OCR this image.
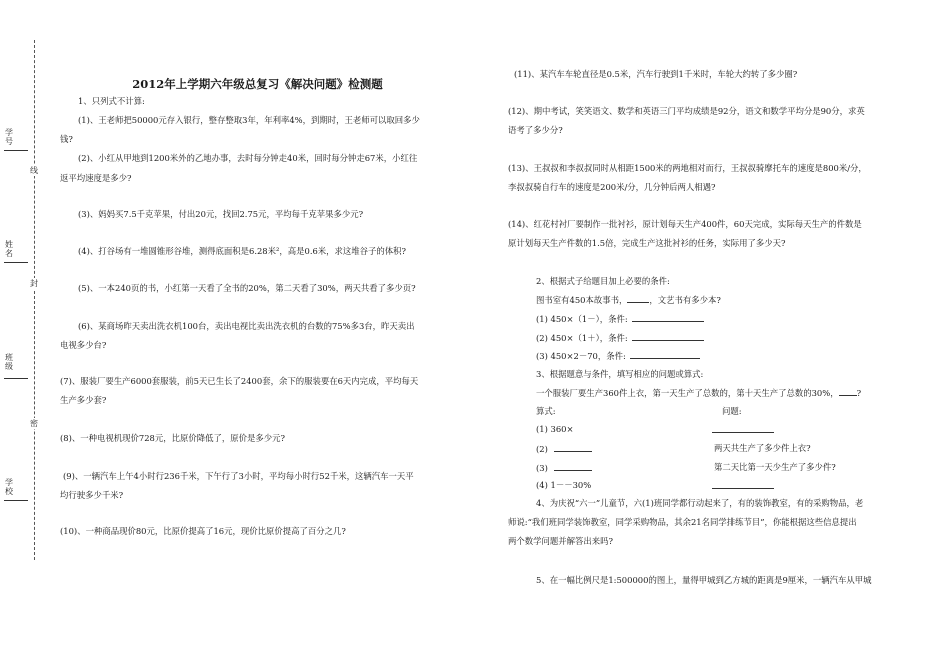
学号
姓名
班级
学校
线
封
密
2012年上学期六年级总复习《解决问题》检测题
1、只列式不计算:
(1)、王老师把50000元存入银行，整存整取3年，年利率4%，到期时，王老师可以取回多少
钱?
(2)、小红从甲地到1200米外的乙地办事，去时每分钟走40米，回时每分钟走67米，小红往
返平均速度是多少?
(3)、妈妈买7.5千克苹果，付出20元，找回2.75元，平均每千克苹果多少元?
(4)、打谷场有一堆圆锥形谷堆，测得底面积是6.28米²，高是0.6米，求这堆谷子的体积?
(5)、一本240页的书，小红第一天看了全书的20%，第二天看了30%，两天共看了多少页?
(6)、某商场昨天卖出洗衣机100台，卖出电视比卖出洗衣机的台数的75%多3台，昨天卖出
电视多少台?
(7)、服装厂要生产6000套服装，前5天已生长了2400套，余下的服装要在6天内完成，平均每天
生产多少套?
(8)、一种电视机现价728元，比原价降低了，原价是多少元?
(9)、一辆汽车上午4小时行236千米，下午行了3小时，平均每小时行52千米，这辆汽车一天平
均行驶多少千米?
(10)、一种商品现价80元，比原价提高了16元，现价比原价提高了百分之几?
(11)、某汽车车轮直径是0.5米，汽车行驶到1千米时，车轮大约转了多少圈?
(12)、期中考试，笑笑语文、数学和英语三门平均成绩是92分，语文和数学平均分是90分，求英
语考了多少分?
(13)、王叔叔和李叔叔同时从相距1500米的两地相对而行，王叔叔骑摩托车的速度是800米/分，
李叔叔骑自行车的速度是200米/分，几分钟后两人相遇?
(14)、红花村衬厂要制作一批衬衫，原计划每天生产400件，60天完成，实际每天生产的件数是
原计划每天生产件数的1.5倍，完成生产这批衬衫的任务，实际用了多少天?
2、根据式子给题目加上必要的条件:
图书室有450本故事书，	，文艺书有多少本?
(1) 450×（1－），条件:
(2) 450×（1＋），条件:
(3) 450×2－70，条件:
3、根据题意与条件，填写相应的问题或算式:
一个服装厂要生产360件上衣，第一天生产了总数的，第十天生产了总数的30%， ?
算式:	问题:
(1) 360×
(2)	两天共生产了多少件上衣?
(3)	第二天比第一天少生产了多少件?
(4) 1－－30%
4、为庆祝“六一”儿童节，六(1)班同学都行动起来了，有的装饰教室，有的采购物品，老
师说:“我们班同学装饰教室，同学采购物品，其余21名同学排练节目”，你能根据这些信息提出
两个数学问题并解答出来吗?
5、在一幅比例尺是1:500000的图上，量得甲城到乙方城的距离是9厘米，一辆汽车从甲城
